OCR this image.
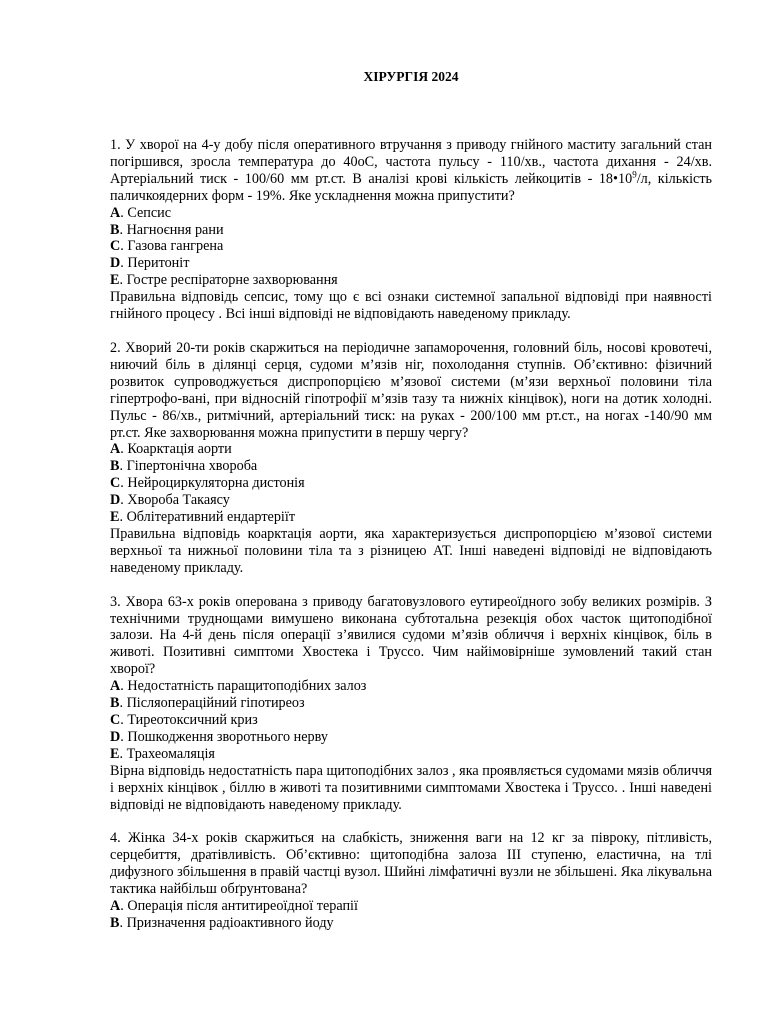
ХІРУРГІЯ 2024

1. У хворої на 4-у добу після оперативного втручання з приводу гнійного маститу загальний стан погіршився, зросла температура до 40оС, частота пульсу - 110/хв., частота дихання - 24/хв. Артеріальний тиск - 100/60 мм рт.ст. В аналізі крові кількість лейкоцитів - $18•10^9/л$, кількість паличкоядерних форм - 19%. Яке ускладнення можна припустити?

A. Сепсис

B. Нагноєння рани

C. Газова гангрена

D. Перитоніт

E. Гостре респіраторне захворювання

Правильна відповідь сепсис, тому що є всі ознаки системної запальної відповіді при наявності гнійного процесу . Всі інші відповіді не відповідають наведеному прикладу.

2. Хворий 20-ти років скаржиться на періодичне запаморочення, головний біль, носові кровотечі, ниючий біль в ділянці серця, судоми м’язів ніг, похолодання ступнів. Об’єктивно: фізичний розвиток супроводжується диспропорцією м’язової системи (м’язи верхньої половини тіла гіпертрофо-вані, при відносній гіпотрофії м’язів тазу та нижніх кінцівок), ноги на дотик холодні. Пульс - 86/хв., ритмічний, артеріальний тиск: на руках - 200/100 мм рт.ст., на ногах -140/90 мм рт.ст. Яке захворювання можна припустити в першу чергу?

A. Коарктація аорти

B. Гіпертонічна хвороба

C. Нейроциркуляторна дистонія

D. Хвороба Такаясу

E. Облітеративний ендартеріїт

Правильна відповідь коарктація аорти, яка характеризується диспропорцією м’язової системи верхньої та нижньої половини тіла та з різницею АТ. Інші наведені відповіді не відповідають наведеному прикладу.

3. Хвора 63-х років оперована з приводу багатовузлового еутиреоїдного зобу великих розмірів. З технічними труднощами вимушено виконана субтотальна резекція обох часток щитоподібної залози. На 4-й день після операції з’явилися судоми м’язів обличчя і верхніх кінцівок, біль в животі. Позитивні симптоми Хвостека і Труссо. Чим найімовірніше зумовлений такий стан хворої?

A. Недостатність паращитоподібних залоз

B. Післяопераційний гіпотиреоз

C. Тиреотоксичний криз

D. Пошкодження зворотнього нерву

E. Трахеомаляція

Вірна відповідь недостатність пара щитоподібних залоз , яка проявляється судомами мязів обличчя і верхніх кінцівок , біллю в животі та позитивними симптомами Хвостека і Труссо. . Інші наведені відповіді не відповідають наведеному прикладу.

4. Жінка 34-х років скаржиться на слабкість, зниження ваги на 12 кг за півроку, пітливість, серцебиття, дратівливість. Об’єктивно: щитоподібна залоза ІІІ ступеню, еластична, на тлі дифузного збільшення в правій частці вузол. Шийні лімфатичні вузли не збільшені. Яка лікувальна тактика найбільш обґрунтована?

A. Операція після антитиреоїдної терапії

B. Призначення радіоактивного йоду
